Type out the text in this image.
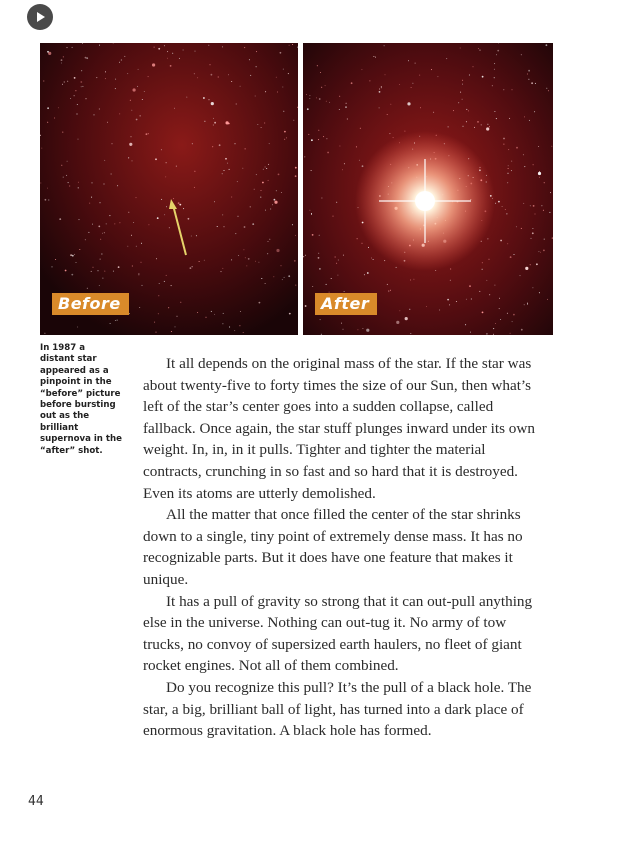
Before	After
In 1987 a distant star appeared as a pinpoint in the “before” picture before bursting out as the brilliant supernova in the “after” shot.

It all depends on the original mass of the star. If the star was about twenty-five to forty times the size of our Sun, then what’s left of the star’s center goes into a sudden collapse, called fallback. Once again, the star stuff plunges inward under its own weight. In, in, in it pulls. Tighter and tighter the material contracts, crunching in so fast and so hard that it is destroyed. Even its atoms are utterly demolished.

All the matter that once filled the center of the star shrinks down to a single, tiny point of extremely dense mass. It has no recognizable parts. But it does have one feature that makes it unique.

It has a pull of gravity so strong that it can out-pull anything else in the universe. Nothing can out-tug it. No army of tow trucks, no convoy of supersized earth haulers, no fleet of giant rocket engines. Not all of them combined.

Do you recognize this pull? It’s the pull of a black hole. The star, a big, brilliant ball of light, has turned into a dark place of enormous gravitation. A black hole has formed.

44
